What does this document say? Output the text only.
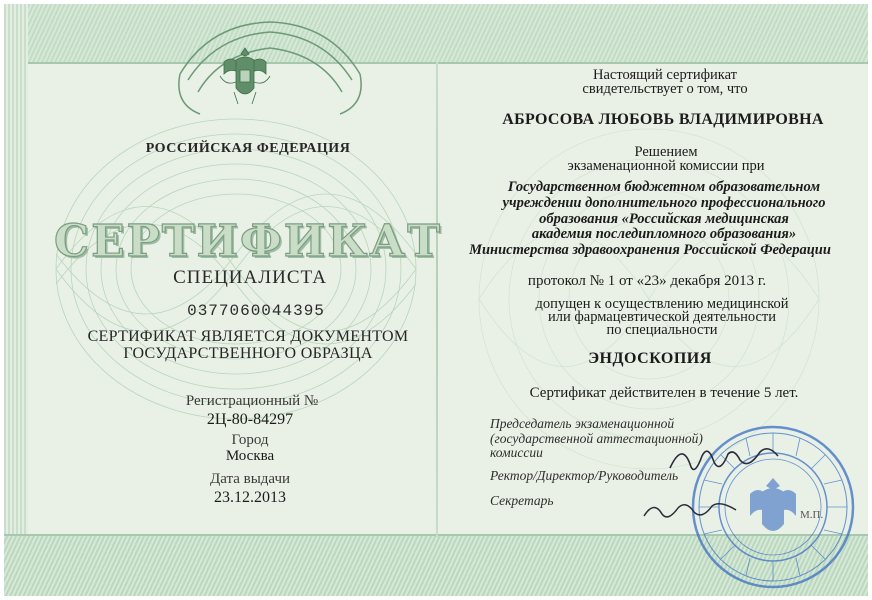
РОССИЙСКАЯ ФЕДЕРАЦИЯ
СЕРТИФИКАТ
СПЕЦИАЛИСТА
0377060044395
СЕРТИФИКАТ ЯВЛЯЕТСЯ ДОКУМЕНТОМ
ГОСУДАРСТВЕННОГО ОБРАЗЦА
Регистрационный №
2Ц-80-84297
Город
Москва
Дата выдачи
23.12.2013
Настоящий сертификат
свидетельствует о том, что
АБРОСОВА ЛЮБОВЬ ВЛАДИМИРОВНА
Решением
экзаменационной комиссии при
Государственном бюджетном образовательном
учреждении дополнительного профессионального
образования «Российская медицинская
академия последипломного образования»
Министерства здравоохранения Российской Федерации
протокол № 1 от «23» декабря 2013 г.
допущен к осуществлению медицинской
или фармацевтической деятельности
по специальности
ЭНДОСКОПИЯ
Сертификат действителен в течение 5 лет.
Председатель экзаменационной
(государственной аттестационной)
комиссии
Ректор/Директор/Руководитель
Секретарь
М.П.
